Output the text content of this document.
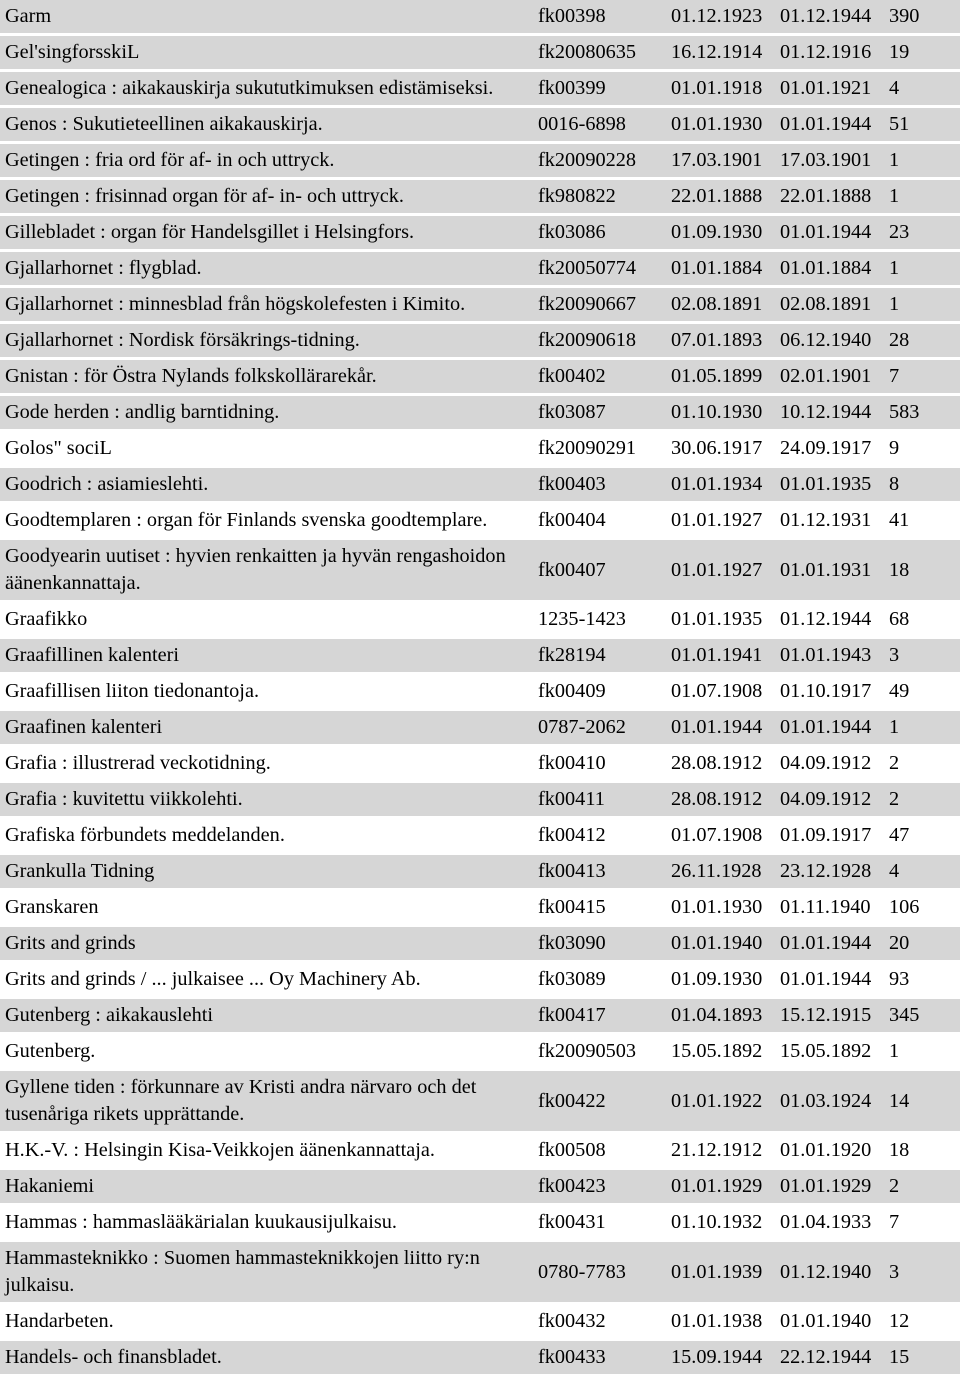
Garm	fk00398	01.12.1923	01.12.1944	390
Gel'singforsskiL	fk20080635	16.12.1914	01.12.1916	19
Genealogica : aikakauskirja sukututkimuksen edistämiseksi.	fk00399	01.01.1918	01.01.1921	4
Genos : Sukutieteellinen aikakauskirja.	0016-6898	01.01.1930	01.01.1944	51
Getingen : fria ord för af- in och uttryck.	fk20090228	17.03.1901	17.03.1901	1
Getingen : frisinnad organ för af- in- och uttryck.	fk980822	22.01.1888	22.01.1888	1
Gillebladet : organ för Handelsgillet i Helsingfors.	fk03086	01.09.1930	01.01.1944	23
Gjallarhornet : flygblad.	fk20050774	01.01.1884	01.01.1884	1
Gjallarhornet : minnesblad från högskolefesten i Kimito.	fk20090667	02.08.1891	02.08.1891	1
Gjallarhornet : Nordisk försäkrings-tidning.	fk20090618	07.01.1893	06.12.1940	28
Gnistan : för Östra Nylands folkskollärarekår.	fk00402	01.05.1899	02.01.1901	7
Gode herden : andlig barntidning.	fk03087	01.10.1930	10.12.1944	583
Golos" sociL	fk20090291	30.06.1917	24.09.1917	9
Goodrich : asiamieslehti.	fk00403	01.01.1934	01.01.1935	8
Goodtemplaren : organ för Finlands svenska goodtemplare.	fk00404	01.01.1927	01.12.1931	41
Goodyearin uutiset : hyvien renkaitten ja hyvän rengashoidon äänenkannattaja.	fk00407	01.01.1927	01.01.1931	18
Graafikko	1235-1423	01.01.1935	01.12.1944	68
Graafillinen kalenteri	fk28194	01.01.1941	01.01.1943	3
Graafillisen liiton tiedonantoja.	fk00409	01.07.1908	01.10.1917	49
Graafinen kalenteri	0787-2062	01.01.1944	01.01.1944	1
Grafia : illustrerad veckotidning.	fk00410	28.08.1912	04.09.1912	2
Grafia : kuvitettu viikkolehti.	fk00411	28.08.1912	04.09.1912	2
Grafiska förbundets meddelanden.	fk00412	01.07.1908	01.09.1917	47
Grankulla Tidning	fk00413	26.11.1928	23.12.1928	4
Granskaren	fk00415	01.01.1930	01.11.1940	106
Grits and grinds	fk03090	01.01.1940	01.01.1944	20
Grits and grinds / ... julkaisee ... Oy Machinery Ab.	fk03089	01.09.1930	01.01.1944	93
Gutenberg : aikakauslehti	fk00417	01.04.1893	15.12.1915	345
Gutenberg.	fk20090503	15.05.1892	15.05.1892	1
Gyllene tiden : förkunnare av Kristi andra närvaro och det tusenåriga rikets upprättande.	fk00422	01.01.1922	01.03.1924	14
H.K.-V. : Helsingin Kisa-Veikkojen äänenkannattaja.	fk00508	21.12.1912	01.01.1920	18
Hakaniemi	fk00423	01.01.1929	01.01.1929	2
Hammas : hammaslääkärialan kuukausijulkaisu.	fk00431	01.10.1932	01.04.1933	7
Hammasteknikko : Suomen hammasteknikkojen liitto ry:n julkaisu.	0780-7783	01.01.1939	01.12.1940	3
Handarbeten.	fk00432	01.01.1938	01.01.1940	12
Handels- och finansbladet.	fk00433	15.09.1944	22.12.1944	15
